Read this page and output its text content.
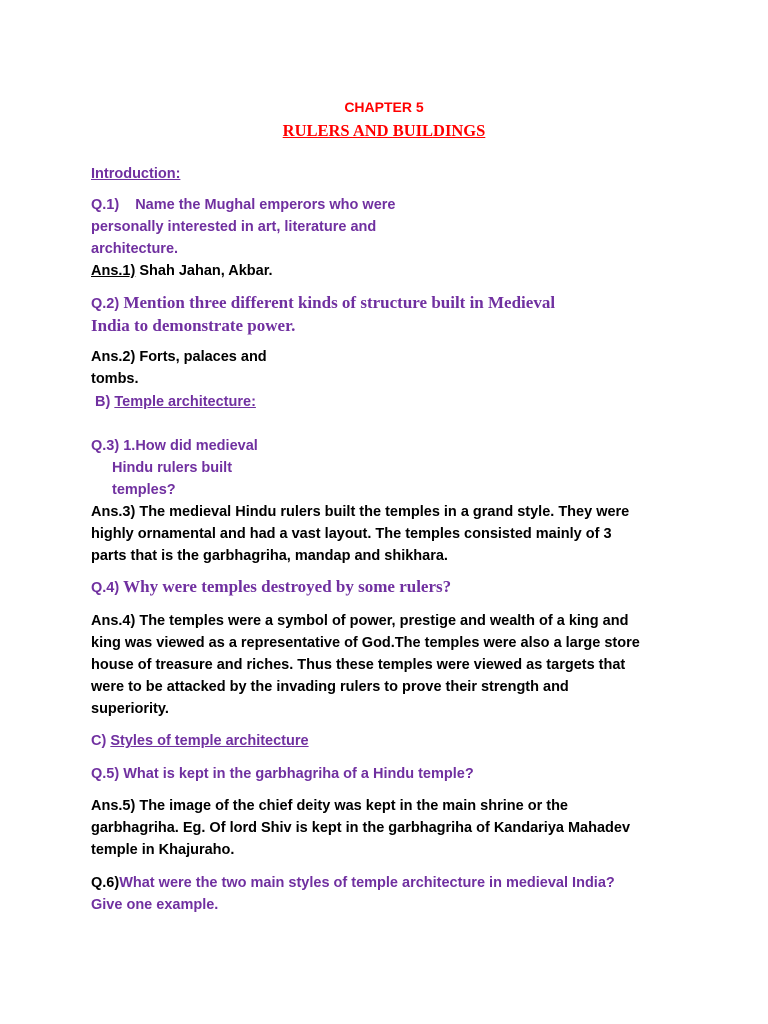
CHAPTER 5
RULERS AND BUILDINGS
Introduction:
Q.1) Name the Mughal emperors who were
personally interested in art, literature and
architecture.
Ans.1) Shah Jahan, Akbar.
Q.2) Mention three different kinds of structure built in Medieval
India to demonstrate power.
Ans.2) Forts, palaces and
tombs.
B) Temple architecture:
Q.3) 1.How did medieval
Hindu rulers built
temples?
Ans.3) The medieval Hindu rulers built the temples in a grand style. They were
highly ornamental and had a vast layout. The temples consisted mainly of 3
parts that is the garbhagriha, mandap and shikhara.
Q.4) Why were temples destroyed by some rulers?
Ans.4) The temples were a symbol of power, prestige and wealth of a king and
king was viewed as a representative of God.The temples were also a large store
house of treasure and riches. Thus these temples were viewed as targets that
were to be attacked by the invading rulers to prove their strength and
superiority.
C) Styles of temple architecture
Q.5) What is kept in the garbhagriha of a Hindu temple?
Ans.5) The image of the chief deity was kept in the main shrine or the
garbhagriha. Eg. Of lord Shiv is kept in the garbhagriha of Kandariya Mahadev
temple in Khajuraho.
Q.6)What were the two main styles of temple architecture in medieval India?
Give one example.
